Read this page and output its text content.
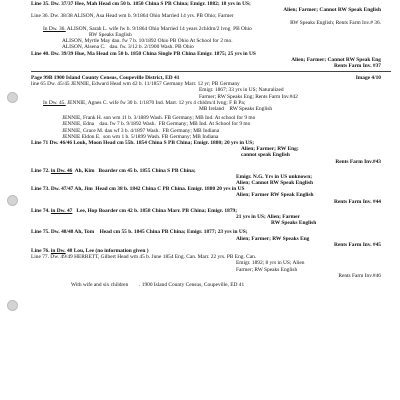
Line 35. Dw. 37/37 Hee, Mah Head cm 50 b. 1850 China S PB China; Emigr. 1882; 18 yrs in US;
Alien; Farmer; Cannot RW Speak English
Line 36. Dw. 38/38 ALISON, Asa Head wm b. 9/1864 Ohio Married 14 yrs. PB Ohio; Farmer
RW Speaks English; Rents Farm Inv.# 36.
In Dw. 36. ALISON, Sarah L. wife fw b. 9/1864 Ohio Married 14 years 2chldrn/2 lvng  PB Ohio
RW Speaks English
ALISON, Myrtle May dau. fw 7 b. 10/1892 Ohio PB Ohio At School for 2 mo.
ALISON, Alsena C.   dau. fw. 3/12 b. 2/1900 Wash. PB Ohio
Line 40. Dw. 39/39 Hue, Ma Head cm 50 b. 1850 China Single PB China Emigr. 1875; 25 yrs in US
Alien; Farmer; Cannot RW Speak Eng
Rents Farm Inv. #37
Page 99B 1900 Island County Census, Coupeville District, ED 41	Image 4/10
line 65 Dw. 45/45 JENNIE, Edward Head wm 42 b. 11/1857 Germany Marr. 12 yr; PB Germany
Emigr. 1867; 33 yrs in US; Naturalized
Farmer; RW Speaks Eng; Rents Farm Inv.#42
In Dw. 45. JENNIE, Agnes C. wife fw 30 b. 1/1870 Ind. Marr. 12 yrs 4 chldrn/4 lvng; F B Pa;
MB Ireland    RW Speaks English
JENNIE, Frank H. son wm 11 b. 3/1889 Wash. FB Germany; MB Ind. At school for 9 mo
JENNIE, Edna    dau. fw 7 b. 9/1892 Wash.  FB Germany; MB Ind. At School for 9 mo
JENNIE, Grace M. dau wf 3 b. 4/1897 Wash.  FB Germany; MB Indiana
JENNIE Eldon E.  son wm 1 b. 5/1899 Wash. FB Germany; MB Indiana
Line 71 Dw. 46/46 Louk, Moon Head cm 55b. 1854 China S PB China; Emigr. 1880; 20 yrs in US;
Alien; Farmer; RW Eng;
cannot speak English
Rents Farm Inv.#43
Line 72. in Dw. 46  Ah, Kim   Boarder cm 45 b. 1855 China S PB China;
Emigr. N.G. Yrs in US unknown;
Alien; Cannot RW Speak English
Line 73. Dw. 47/47 Ah, Jim  Head cm 38 b. 1842 China C PB China. Emigr. 1880 20 yrs in US
Alien; Farmer RW Speak English
Rents Farm Inv. #44
Line 74. in Dw. 47   Lee, Hop Boarder cm 42 b. 1858 China Marr. PB China; Emigr. 1879;
21 yrs in US; Alien; Farmer
RW Speaks English
Line 75. Dw. 48/48 Ah, Tom    Head cm 55 b. 1845 China PB China; Emigr. 1877; 23 yrs in US;
Alien; Farmer; RW Speaks Eng
Rents Farm Inv. #45
Line 76. in Dw. 48 Lou, Lee (no information given )
Line 77. Dw. 49/49 HERRETT, Gilbert Head wm 45 b. June 1854 Eng. Can. Marr. 22 yrs. PB Eng. Can.
Emigr. 1892; 8 yrs in US; Alien
Farmer; RW Speaks English
Rents Farm Inv.#46
With wife and six children        . 1900 Island County Census, Coupeville, ED 41
